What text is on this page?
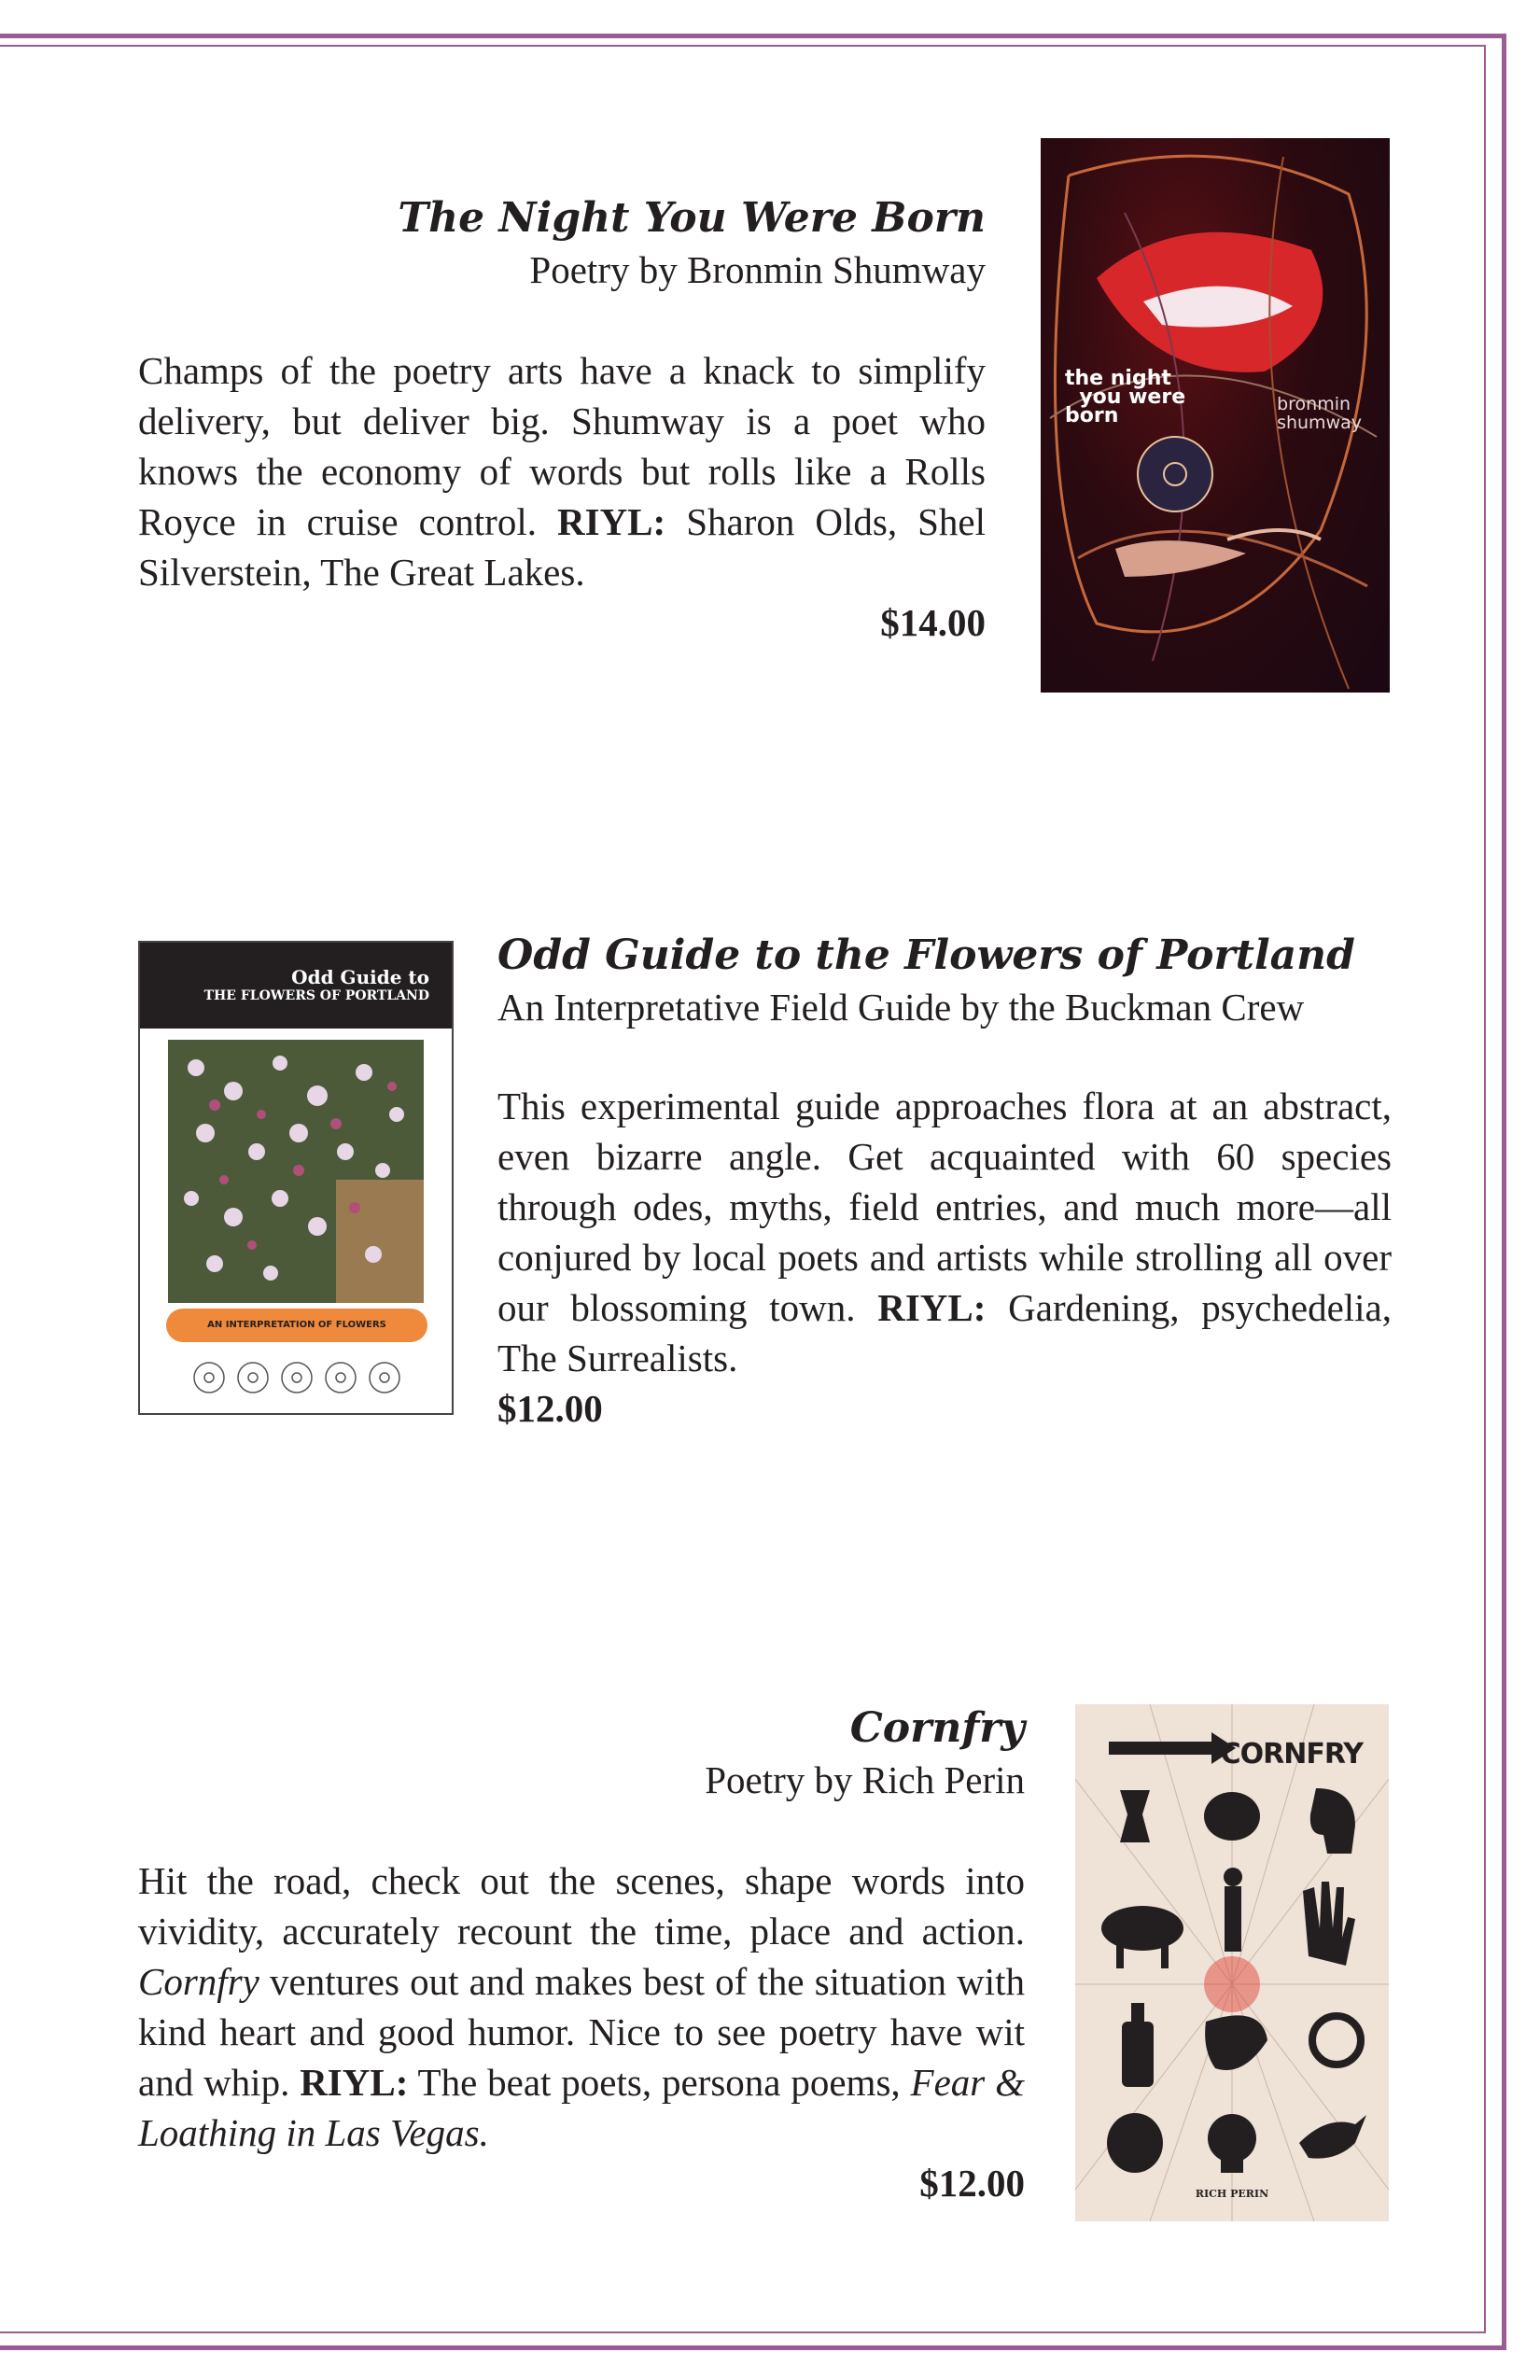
The Night You Were Born

Poetry by Bronmin Shumway

Champs of the poetry arts have a knack to simplify delivery, but deliver big. Shumway is a poet who knows the economy of words but rolls like a Rolls Royce in cruise control. RIYL: Sharon Olds, Shel Silverstein, The Great Lakes.

$14.00

the night
you were
born	bronmin
shumway

Odd Guide to the Flowers of Portland

An Interpretative Field Guide by the Buckman Crew

This experimental guide approaches flora at an abstract, even bizarre angle. Get acquainted with 60 species through odes, myths, field entries, and much more—all conjured by local poets and artists while strolling all over our blossoming town. RIYL: Gardening, psychedelia, The Surrealists.

$12.00

Odd Guide to
THE FLOWERS OF PORTLAND
AN INTERPRETATION OF FLOWERS

Cornfry

Poetry by Rich Perin

Hit the road, check out the scenes, shape words into vividity, accurately recount the time, place and action. Cornfry ventures out and makes best of the situation with kind heart and good humor. Nice to see poetry have wit and whip. RIYL: The beat poets, persona poems, Fear & Loathing in Las Vegas.

$12.00

CORNFRY
RICH PERIN
